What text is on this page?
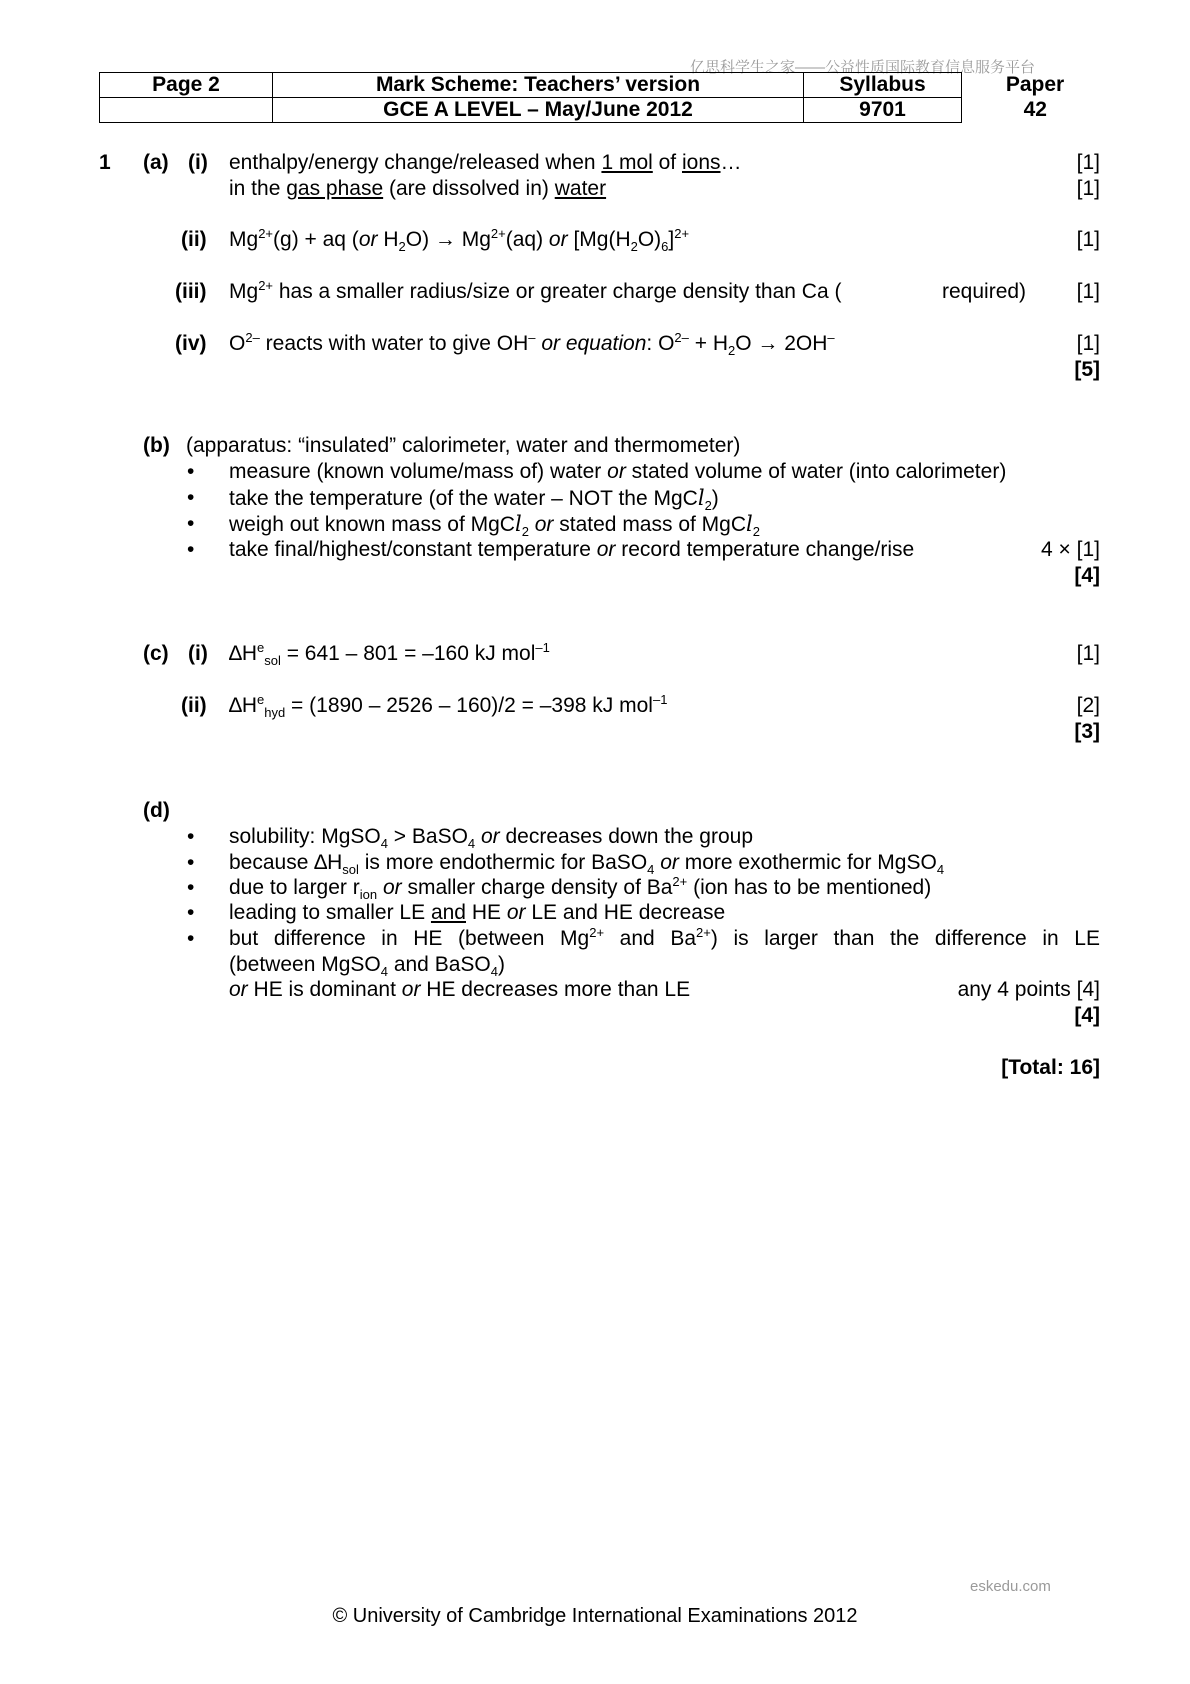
亿思科学生之家——公益性质国际教育信息服务平台
Page 2	Mark Scheme: Teachers’ version	Syllabus	Paper
	GCE A LEVEL – May/June 2012	9701	42
1 (a) (i) enthalpy/energy change/released when 1 mol of ions…	[1]
in the gas phase (are dissolved in) water	[1]
(ii) $Mg^{2+}(g)$ + aq (or $H_2O) \to Mg^{2+}(aq)$ or $[Mg(H_2O)_6]^{2+}$	[1]
(iii) $Mg^{2+}$ has a smaller radius/size or greater charge density than Ca (	required) [1]
(iv) $O^{2-}$ reacts with water to give OH– or equation: $O^{2-} + H_2O \to 2OH^-$	[1]
[5]
(b) (apparatus: “insulated” calorimeter, water and thermometer)
• measure (known volume/mass of) water or stated volume of water (into calorimeter)
• take the temperature (of the water – NOT the MgCl$_2$)
• weigh out known mass of MgCl$_2$ or stated mass of MgCl$_2$
• take final/highest/constant temperature or record temperature change/rise	4 × [1]
[4]
(c) (i) $\Delta H^e_{sol} = 641 - 801 = -160$ kJ mol$^{-1}$	[1]
(ii) $\Delta H^e_{hyd} = (1890 - 2526 - 160)/2 = -398$ kJ mol$^{-1}$	[2]
[3]
(d)
• solubility: MgSO$_4$ > BaSO$_4$ or decreases down the group
• because $\Delta H_{sol}$ is more endothermic for BaSO$_4$ or more exothermic for MgSO$_4$
• due to larger $r_{ion}$ or smaller charge density of $Ba^{2+}$ (ion has to be mentioned)
• leading to smaller LE and HE or LE and HE decrease
• but difference in HE (between $Mg^{2+}$ and $Ba^{2+}$) is larger than the difference in LE
(between MgSO$_4$ and BaSO$_4$)
or HE is dominant or HE decreases more than LE	any 4 points [4]
[4]
[Total: 16]
eskedu.com
© University of Cambridge International Examinations 2012
